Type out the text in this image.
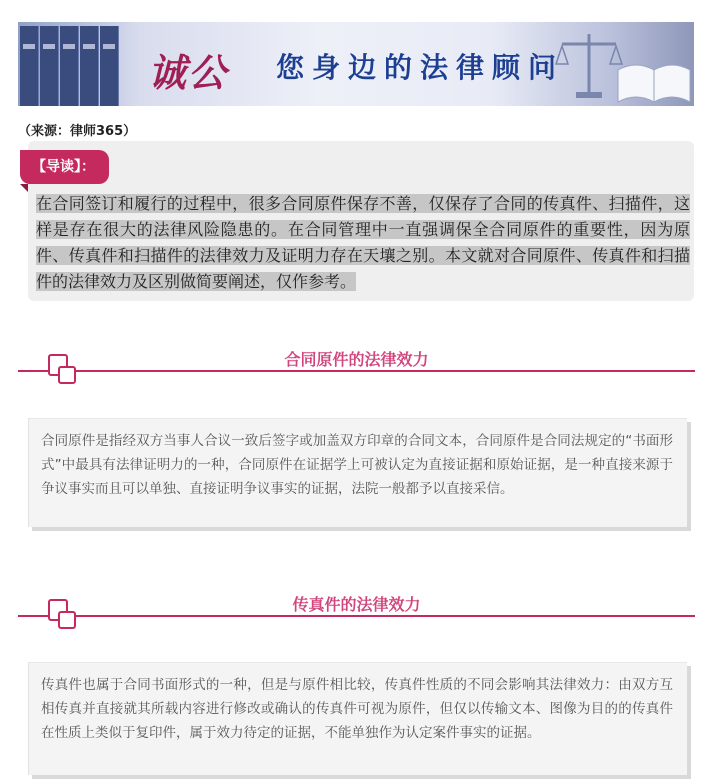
诚公	您身边的法律顾问
（来源：律师365）
【导读】：
在合同签订和履行的过程中，很多合同原件保存不善，仅保存了合同的传真件、扫描件，这样是存在很大的法律风险隐患的。在合同管理中一直强调保全合同原件的重要性，因为原件、传真件和扫描件的法律效力及证明力存在天壤之别。本文就对合同原件、传真件和扫描件的法律效力及区别做简要阐述，仅作参考。
合同原件的法律效力

合同原件是指经双方当事人合议一致后签字或加盖双方印章的合同文本，合同原件是合同法规定的“书面形式”中最具有法律证明力的一种，合同原件在证据学上可被认定为直接证据和原始证据，是一种直接来源于争议事实而且可以单独、直接证明争议事实的证据，法院一般都予以直接采信。

传真件的法律效力

传真件也属于合同书面形式的一种，但是与原件相比较，传真件性质的不同会影响其法律效力：由双方互相传真并直接就其所载内容进行修改或确认的传真件可视为原件，但仅以传输文本、图像为目的的传真件在性质上类似于复印件，属于效力待定的证据，不能单独作为认定案件事实的证据。
